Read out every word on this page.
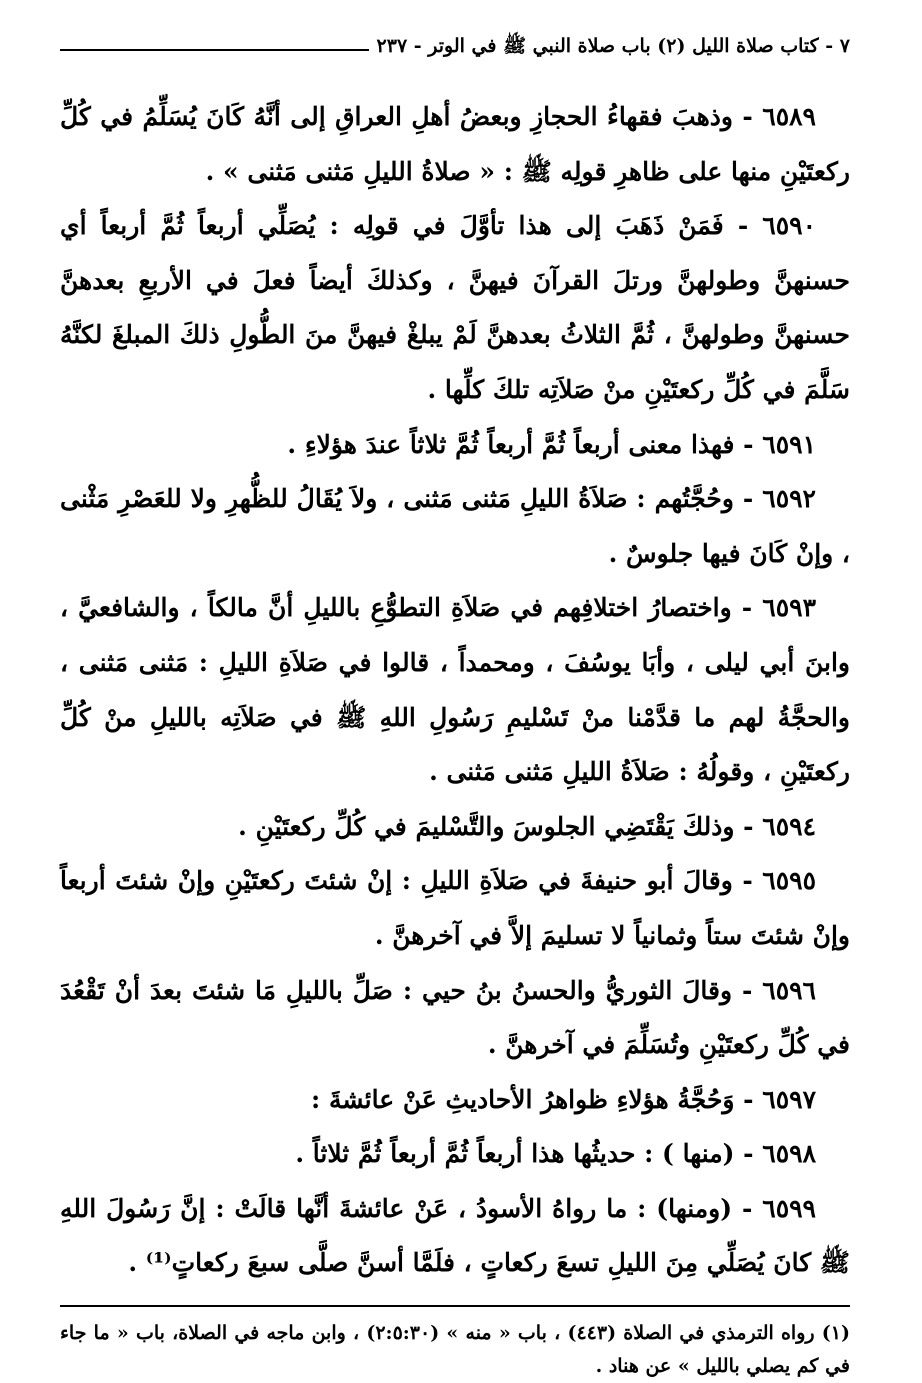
٧ - كتاب صلاة الليل (٢) باب صلاة النبي ﷺ في الوتر - ٢٣٧

٦٥٨٩ - وذهبَ فقهاءُ الحجازِ وبعضُ أهلِ العراقِ إلى أنَّهُ كَانَ يُسَلِّمُ في كُلِّ ركعتَيْنِ منها على ظاهرِ قولِه ﷺ : « صلاةُ الليلِ مَثنى مَثنى » .

٦٥٩٠ - فَمَنْ ذَهَبَ إلى هذا تأوَّلَ في قولِه : يُصَلِّي أربعاً ثُمَّ أربعاً أي حسنهنَّ وطولهنَّ ورتلَ القرآنَ فيهنَّ ، وكذلكَ أيضاً فعلَ في الأربعِ بعدهنَّ حسنهنَّ وطولهنَّ ، ثُمَّ الثلاثُ بعدهنَّ لَمْ يبلغْ فيهنَّ منَ الطُّولِ ذلكَ المبلغَ لكنَّهُ سَلَّمَ في كُلِّ ركعتَيْنِ منْ صَلاَتِه تلكَ كلِّها .

٦٥٩١ - فهذا معنى أربعاً ثُمَّ أربعاً ثُمَّ ثلاثاً عندَ هؤلاءِ .

٦٥٩٢ - وحُجَّتُهم : صَلاَةُ الليلِ مَثنى مَثنى ، ولاَ يُقَالُ للظُّهرِ ولا للعَصْرِ مَثْنى ، وإنْ كَانَ فيها جلوسٌ .

٦٥٩٣ - واختصارُ اختلافِهم في صَلاَةِ التطوُّعِ بالليلِ أنَّ مالكاً ، والشافعيَّ ، وابنَ أبي ليلى ، وأبَا يوسُفَ ، ومحمداً ، قالوا في صَلاَةِ الليلِ : مَثنى مَثنى ، والحجَّةُ لهم ما قدَّمْنا منْ تَسْليمِ رَسُولِ اللهِ ﷺ في صَلاَتِه بالليلِ منْ كُلِّ ركعتَيْنِ ، وقولُهُ : صَلاَةُ الليلِ مَثنى مَثنى .

٦٥٩٤ - وذلكَ يَقْتَضِي الجلوسَ والتَّسْليمَ في كُلِّ ركعتَيْنِ .

٦٥٩٥ - وقالَ أبو حنيفةَ في صَلاَةِ الليلِ : إنْ شئتَ ركعتَيْنِ وإنْ شئتَ أربعاً وإنْ شئتَ ستاً وثمانياً لا تسليمَ إلاَّ في آخرهنَّ .

٦٥٩٦ - وقالَ الثوريُّ والحسنُ بنُ حيي : صَلِّ بالليلِ مَا شئتَ بعدَ أنْ تَقْعُدَ في كُلِّ ركعتَيْنِ وتُسَلِّمَ في آخرهنَّ .

٦٥٩٧ - وَحُجَّةُ هؤلاءِ ظواهرُ الأحاديثِ عَنْ عائشةَ :

٦٥٩٨ - (منها ) : حديثُها هذا أربعاً ثُمَّ أربعاً ثُمَّ ثلاثاً .

٦٥٩٩ - (ومنها) : ما رواهُ الأسودُ ، عَنْ عائشةَ أنَّها قالَتْ : إنَّ رَسُولَ اللهِ ﷺ كانَ يُصَلِّي مِنَ الليلِ تسعَ ركعاتٍ ، فلَمَّا أسنَّ صلَّى سبعَ ركعاتٍ⁽¹⁾ .

(١) رواه الترمذي في الصلاة (٤٤٣) ، باب « منه » (٢:٥:٣٠) ، وابن ماجه في الصلاة، باب « ما جاء في كم يصلي بالليل » عن هناد .
